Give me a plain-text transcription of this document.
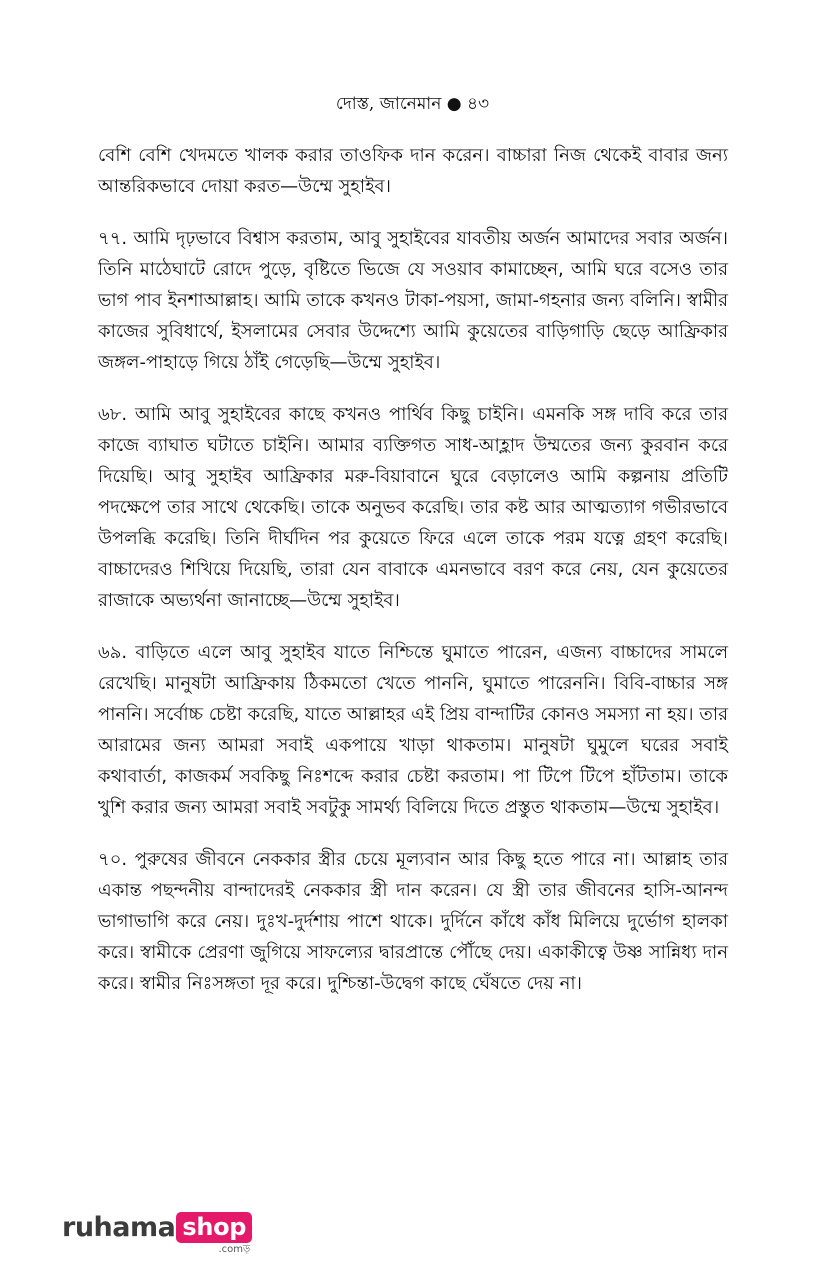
দোস্ত, জানেমান ● ৪৩

বেশি বেশি খেদমতে খালক করার তাওফিক দান করেন। বাচ্চারা নিজ থেকেই বাবার জন্য আন্তরিকভাবে দোয়া করত—উম্মে সুহাইব।

৭৭. আমি দৃঢ়ভাবে বিশ্বাস করতাম, আবু সুহাইবের যাবতীয় অর্জন আমাদের সবার অর্জন। তিনি মাঠেঘাটে রোদে পুড়ে, বৃষ্টিতে ভিজে যে সওয়াব কামাচ্ছেন, আমি ঘরে বসেও তার ভাগ পাব ইনশাআল্লাহ। আমি তাকে কখনও টাকা-পয়সা, জামা-গহনার জন্য বলিনি। স্বামীর কাজের সুবিধার্থে, ইসলামের সেবার উদ্দেশ্যে আমি কুয়েতের বাড়িগাড়ি ছেড়ে আফ্রিকার জঙ্গল-পাহাড়ে গিয়ে ঠাঁই গেড়েছি—উম্মে সুহাইব।

৬৮. আমি আবু সুহাইবের কাছে কখনও পার্থিব কিছু চাইনি। এমনকি সঙ্গ দাবি করে তার কাজে ব্যাঘাত ঘটাতে চাইনি। আমার ব্যক্তিগত সাধ-আহ্লাদ উম্মতের জন্য কুরবান করে দিয়েছি। আবু সুহাইব আফ্রিকার মরু-বিয়াবানে ঘুরে বেড়ালেও আমি কল্পনায় প্রতিটি পদক্ষেপে তার সাথে থেকেছি। তাকে অনুভব করেছি। তার কষ্ট আর আত্মত্যাগ গভীরভাবে উপলব্ধি করেছি। তিনি দীর্ঘদিন পর কুয়েতে ফিরে এলে তাকে পরম যত্নে গ্রহণ করেছি। বাচ্চাদেরও শিখিয়ে দিয়েছি, তারা যেন বাবাকে এমনভাবে বরণ করে নেয়, যেন কুয়েতের রাজাকে অভ্যর্থনা জানাচ্ছে—উম্মে সুহাইব।

৬৯. বাড়িতে এলে আবু সুহাইব যাতে নিশ্চিন্তে ঘুমাতে পারেন, এজন্য বাচ্চাদের সামলে রেখেছি। মানুষটা আফ্রিকায় ঠিকমতো খেতে পাননি, ঘুমাতে পারেননি। বিবি-বাচ্চার সঙ্গ পাননি। সর্বোচ্চ চেষ্টা করেছি, যাতে আল্লাহর এই প্রিয় বান্দাটির কোনও সমস্যা না হয়। তার আরামের জন্য আমরা সবাই একপায়ে খাড়া থাকতাম। মানুষটা ঘুমুলে ঘরের সবাই কথাবার্তা, কাজকর্ম সবকিছু নিঃশব্দে করার চেষ্টা করতাম। পা টিপে টিপে হাঁটতাম। তাকে খুশি করার জন্য আমরা সবাই সবটুকু সামর্থ্য বিলিয়ে দিতে প্রস্তুত থাকতাম—উম্মে সুহাইব।

৭০. পুরুষের জীবনে নেককার স্ত্রীর চেয়ে মূল্যবান আর কিছু হতে পারে না। আল্লাহ তার একান্ত পছন্দনীয় বান্দাদেরই নেককার স্ত্রী দান করেন। যে স্ত্রী তার জীবনের হাসি-আনন্দ ভাগাভাগি করে নেয়। দুঃখ-দুর্দশায় পাশে থাকে। দুর্দিনে কাঁধে কাঁধ মিলিয়ে দুর্ভোগ হালকা করে। স্বামীকে প্রেরণা জুগিয়ে সাফল্যের দ্বারপ্রান্তে পৌঁছে দেয়। একাকীত্বে উষ্ণ সান্নিধ্য দান করে। স্বামীর নিঃসঙ্গতা দূর করে। দুশ্চিন্তা-উদ্বেগ কাছে ঘেঁষতে দেয় না।

ruhama shop
.comড়
